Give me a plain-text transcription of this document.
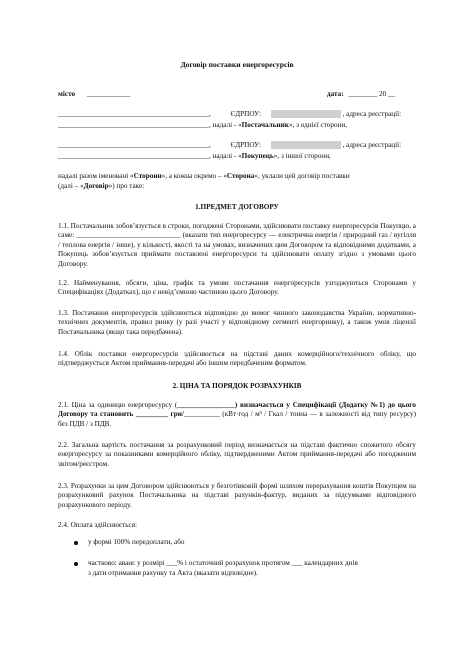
Договір поставки енергоресурсів
місто ____________	дата: ________ 20 __
__________________________________________,	ЄДРПОУ:	, адреса реєстрації:
__________________________________________, надалі - «Постачальник», з однієї сторони,
__________________________________________,	ЄДРПОУ:	, адреса реєстрації:
__________________________________________, надалі - «Покупець», з іншої сторони,
надалі разом іменовані «Сторони», а кожна окремо – «Сторона», уклали цей договір поставки
(далі – «Договір») про таке:
1.ПРЕДМЕТ ДОГОВОРУ
1.1. Постачальник зобов’язується в строки, погоджені Сторонами, здійснювати поставку енергоресурсів Покупцю, а саме: _____________________________ (вказати тип енергоресурсу — електрична енергія / природний газ / вугілля / теплова енергія / інше), у кількості, якості та на умовах, визначених цим Договором та відповідними додатками, а Покупець зобов’язується приймати поставлені енергоресурси та здійснювати оплату згідно з умовами цього Договору.
1.2. Найменування, обсяги, ціна, графік та умови постачання енергоресурсів узгоджуються Сторонами у Специфікаціях (Додатках), що є невід’ємною частиною цього Договору.
1.3. Постачання енергоресурсів здійснюється відповідно до вимог чинного законодавства України, нормативно-технічних документів, правил ринку (у разі участі у відповідному сегменті енергоринку), а також умов ліцензії Постачальника (якщо така передбачена).
1.4. Облік поставки енергоресурсів здійснюється на підставі даних комерційного/технічного обліку, що підтверджується Актом приймання-передачі або іншим передбаченим форматом.
2. ЦІНА ТА ПОРЯДОК РОЗРАХУНКІВ
2.1. Ціна за одиницю енергоресурсу (________________) визначається у Специфікації (Додатку №1) до цього Договору та становить _________ грн/__________ (кВт·год / м³ / Гкал / тонна — в залежності від типу ресурсу) без ПДВ / з ПДВ.
2.2. Загальна вартість постачання за розрахунковий період визначається на підставі фактично спожитого обсягу енергоресурсу за показниками комерційного обліку, підтвердженими Актом приймання-передачі або погодженим звітом/реєстром.
2.3. Розрахунки за цим Договором здійснюються у безготівковій формі шляхом перерахування коштів Покупцем на розрахунковий рахунок Постачальника на підставі рахунків-фактур, виданих за підсумками відповідного розрахункового періоду.
2.4. Оплата здійснюється:
у формі 100% передоплати, або
частково: аванс у розмірі ___% і остаточний розрахунок протягом ___ календарних днів
з дати отримання рахунку та Акта (вказати відповідне).
